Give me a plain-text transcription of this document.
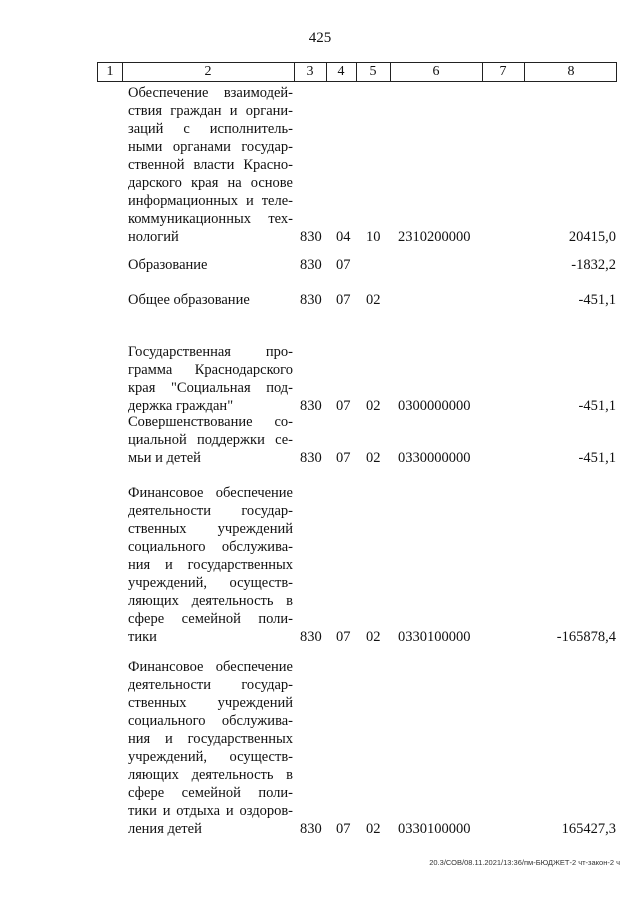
425
1	2	3	4	5	6	7	8
Обеспечение взаимодей-
ствия граждан и органи-
заций с исполнитель-
ными органами государ-
ственной власти Красно-
дарского края на основе
информационных и теле-
коммуникационных тех-
нологий	830 04 10 2310200000	20415,0
Образование	830 07	-1832,2
Общее образование	830 07 02	-451,1
Государственная про-
грамма Краснодарского
края "Социальная под-
держка граждан"	830 07 02 0300000000	-451,1
Совершенствование со-
циальной поддержки се-
мьи и детей	830 07 02 0330000000	-451,1
Финансовое обеспечение
деятельности государ-
ственных учреждений
социального обслужива-
ния и государственных
учреждений, осуществ-
ляющих деятельность в
сфере семейной поли-
тики	830 07 02 0330100000	-165878,4
Финансовое обеспечение
деятельности государ-
ственных учреждений
социального обслужива-
ния и государственных
учреждений, осуществ-
ляющих деятельность в
сфере семейной поли-
тики и отдыха и оздоров-
ления детей	830 07 02 0330100000	165427,3
20.3/СОВ/08.11.2021/13:36/пм-БЮДЖЕТ-2 чт-закон-2 ч
